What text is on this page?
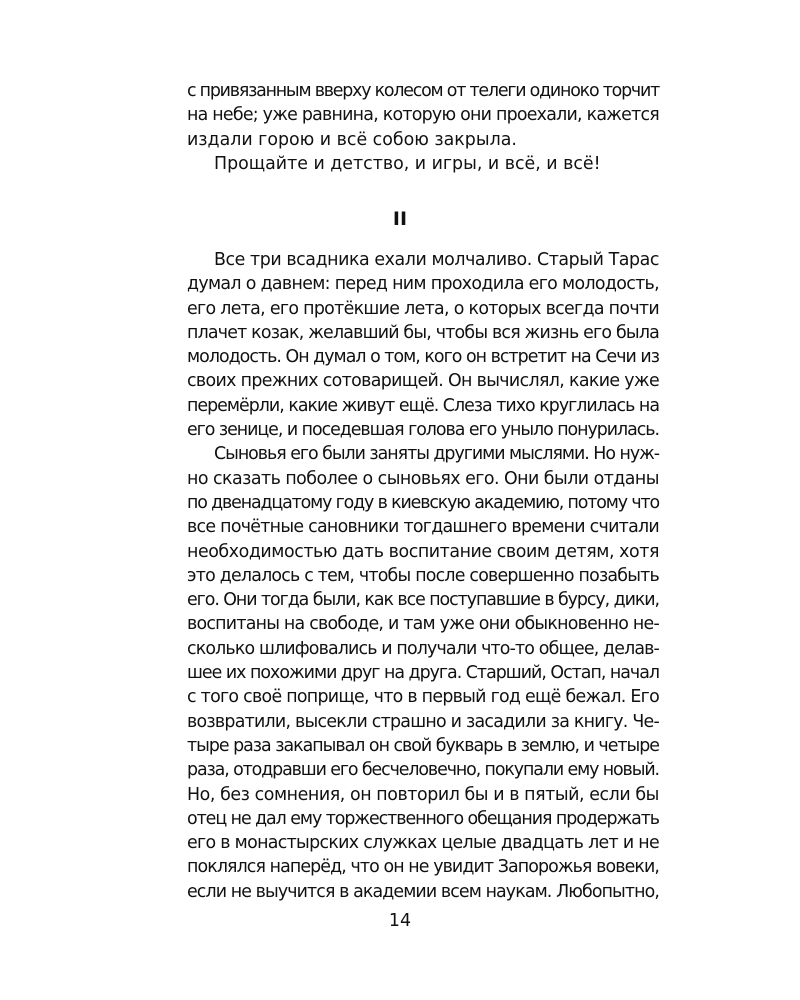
с привязанным вверху колесом от телеги одиноко торчит
на небе; уже равнина, которую они проехали, кажется
издали горою и всё собою закрыла.
Прощайте и детство, и игры, и всё, и всё!
II
Все три всадника ехали молчаливо. Старый Тарас
думал о давнем: перед ним проходила его молодость,
его лета, его протёкшие лета, о которых всегда почти
плачет козак, желавший бы, чтобы вся жизнь его была
молодость. Он думал о том, кого он встретит на Сечи из
своих прежних сотоварищей. Он вычислял, какие уже
перемёрли, какие живут ещё. Слеза тихо круглилась на
его зенице, и поседевшая голова его уныло понурилась.
Сыновья его были заняты другими мыслями. Но нуж-
но сказать поболее о сыновьях его. Они были отданы
по двенадцатому году в киевскую академию, потому что
все почётные сановники тогдашнего времени считали
необходимостью дать воспитание своим детям, хотя
это делалось с тем, чтобы после совершенно позабыть
его. Они тогда были, как все поступавшие в бурсу, дики,
воспитаны на свободе, и там уже они обыкновенно не-
сколько шлифовались и получали что-то общее, делав-
шее их похожими друг на друга. Старший, Остап, начал
с того своё поприще, что в первый год ещё бежал. Его
возвратили, высекли страшно и засадили за книгу. Че-
тыре раза закапывал он свой букварь в землю, и четыре
раза, отодравши его бесчеловечно, покупали ему новый.
Но, без сомнения, он повторил бы и в пятый, если бы
отец не дал ему торжественного обещания продержать
его в монастырских служках целые двадцать лет и не
поклялся наперёд, что он не увидит Запорожья вовеки,
если не выучится в академии всем наукам. Любопытно,
14
